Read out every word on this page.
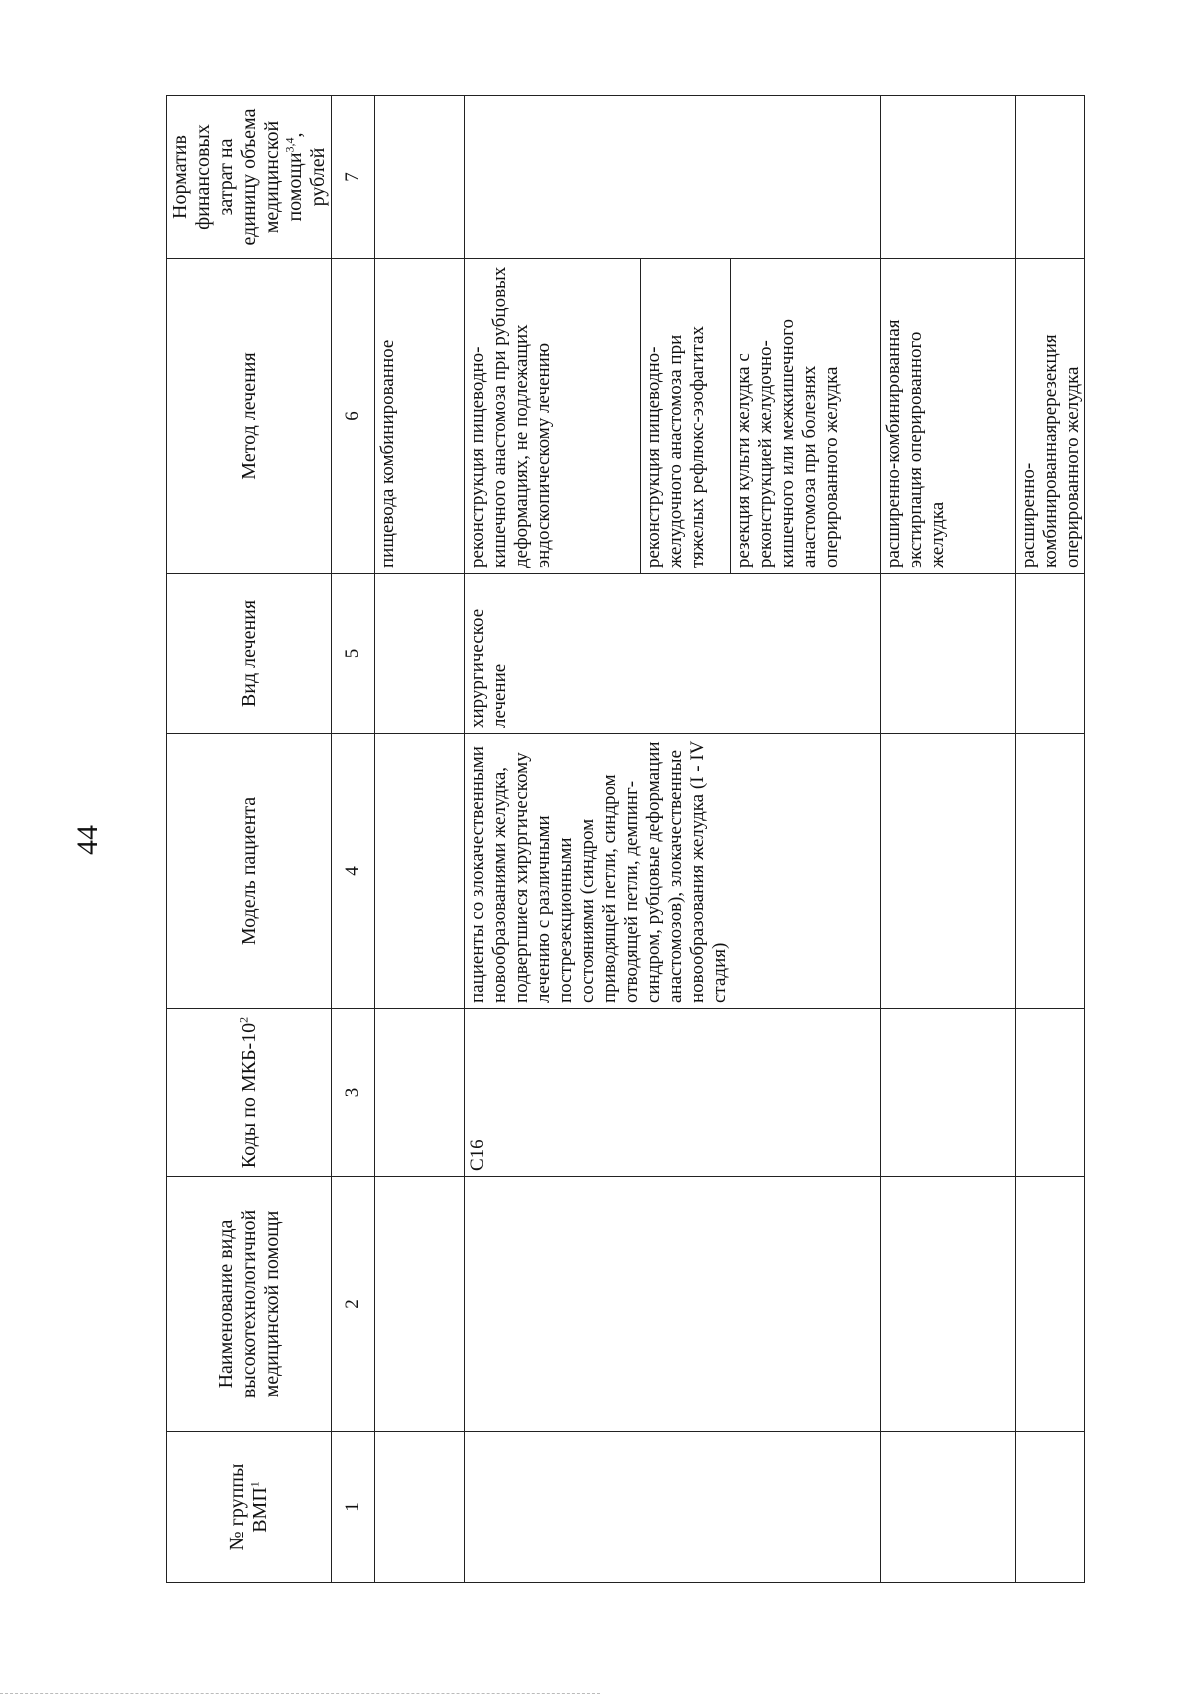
44
№ группы ВМП$^1$	Наименование вида высокотехнологичной медицинской помощи	Коды по МКБ-$10^2$	Модель пациента	Вид лечения	Метод лечения	Норматив финансовых затрат на единицу объема медицинской помощи$^{3,4}$, рублей
1	2	3	4	5	6	7

					пищевода комбинированное	

		C16	пациенты со злокачественными новообразованиями желудка, подвергшиеся хирургическому лечению с различными пострезекционными состояниями (синдром приводящей петли, синдром отводящей петли, демпинг-синдром, рубцовые деформации анастомозов), злокачественные новообразования желудка (I - IV стадия)	хирургическое лечение	реконструкция пищеводно-кишечного анастомоза при рубцовых деформациях, не подлежащих эндоскопическому лечению	

					реконструкция пищеводно-желудочного анастомоза при тяжелых рефлюкс-эзофагитах	

					резекция культи желудка с реконструкцией желудочно-кишечного или межкишечного анастомоза при болезнях оперированного желудка	

					расширенно-комбинированная экстирпация оперированного желудка	

					расширенно-комбинированнаяререзекция оперированного желудка	
